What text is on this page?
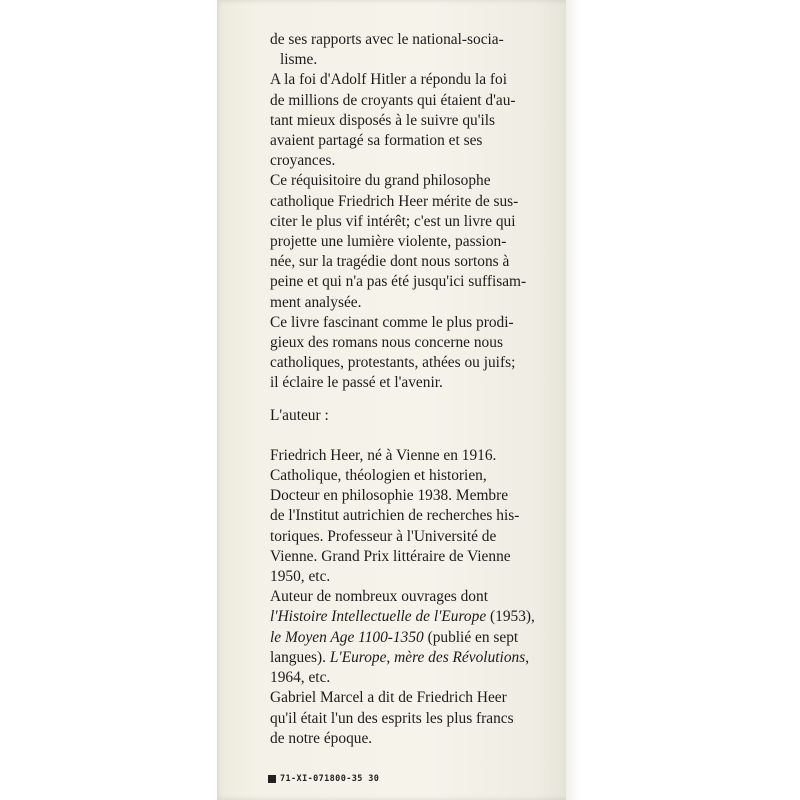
de ses rapports avec le national-socia-

lisme.

A la foi d'Adolf Hitler a répondu la foi

de millions de croyants qui étaient d'au-

tant mieux disposés à le suivre qu'ils

avaient partagé sa formation et ses

croyances.

Ce réquisitoire du grand philosophe

catholique Friedrich Heer mérite de sus-

citer le plus vif intérêt; c'est un livre qui

projette une lumière violente, passion-

née, sur la tragédie dont nous sortons à

peine et qui n'a pas été jusqu'ici suffisam-

ment analysée.

Ce livre fascinant comme le plus prodi-

gieux des romans nous concerne nous

catholiques, protestants, athées ou juifs;

il éclaire le passé et l'avenir.

L'auteur :

Friedrich Heer, né à Vienne en 1916.

Catholique, théologien et historien,

Docteur en philosophie 1938. Membre

de l'Institut autrichien de recherches his-

toriques. Professeur à l'Université de

Vienne. Grand Prix littéraire de Vienne

1950, etc.

Auteur de nombreux ouvrages dont

l'Histoire Intellectuelle de l'Europe (1953),

le Moyen Age 1100-1350 (publié en sept

langues). L'Europe, mère des Révolutions,

1964, etc.

Gabriel Marcel a dit de Friedrich Heer

qu'il était l'un des esprits les plus francs

de notre époque.

71-XI-071800-35 30
